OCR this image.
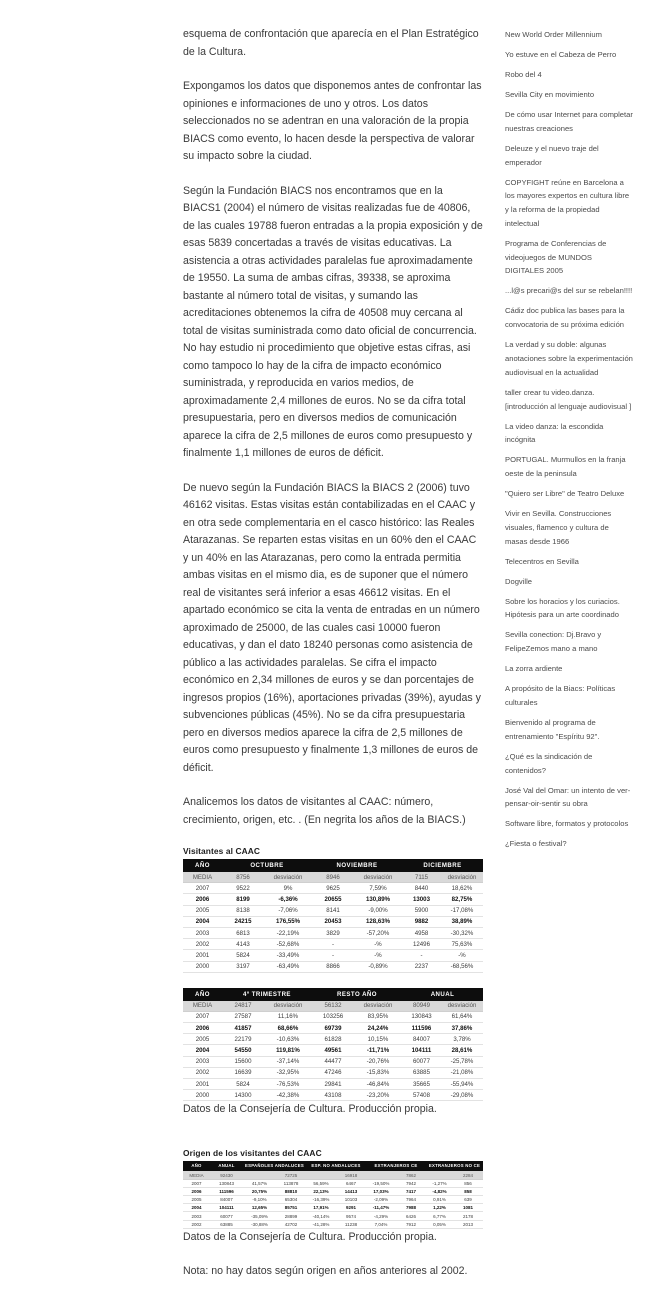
esquema de confrontación que aparecía en el Plan Estratégico de la Cultura.

Expongamos los datos que disponemos antes de confrontar las opiniones e informaciones de uno y otros. Los datos seleccionados no se adentran en una valoración de la propia BIACS como evento, lo hacen desde la perspectiva de valorar su impacto sobre la ciudad.

Según la Fundación BIACS nos encontramos que en la BIACS1 (2004) el número de visitas realizadas fue de 40806, de las cuales 19788 fueron entradas a la propia exposición y de esas 5839 concertadas a través de visitas educativas. La asistencia a otras actividades paralelas fue aproximadamente de 19550. La suma de ambas cifras, 39338, se aproxima bastante al número total de visitas, y sumando las acreditaciones obtenemos la cifra de 40508 muy cercana al total de visitas suministrada como dato oficial de concurrencia. No hay estudio ni procedimiento que objetive estas cifras, asi como tampoco lo hay de la cifra de impacto económico suministrada, y reproducida en varios medios, de aproximadamente 2,4 millones de euros. No se da cifra total presupuestaria, pero en diversos medios de comunicación aparece la cifra de 2,5 millones de euros como presupuesto y finalmente 1,1 millones de euros de déficit.

De nuevo según la Fundación BIACS la BIACS 2 (2006) tuvo 46162 visitas. Estas visitas están contabilizadas en el CAAC y en otra sede complementaria en el casco histórico: las Reales Atarazanas. Se reparten estas visitas en un 60% den el CAAC y un 40% en las Atarazanas, pero como la entrada permitia ambas visitas en el mismo dia, es de suponer que el número real de visitantes será inferior a esas 46612 visitas. En el apartado económico se cita la venta de entradas en un número aproximado de 25000, de las cuales casi 10000 fueron educativas, y dan el dato 18240 personas como asistencia de público a las actividades paralelas. Se cifra el impacto económico en 2,34 millones de euros y se dan porcentajes de ingresos propios (16%), aportaciones privadas (39%), ayudas y subvenciones públicas (45%). No se da cifra presupuestaria pero en diversos medios aparece la cifra de 2,5 millones de euros como presupuesto y finalmente 1,3 millones de euros de déficit.

Analicemos los datos de visitantes al CAAC: número, crecimiento, origen, etc. . (En negrita los años de la BIACS.)

Visitantes al CAAC
AÑO	OCTUBRE		NOVIEMBRE		DICIEMBRE	
MEDIA	8756	desviación	8946	desviación	7115	desviación
2007	9522	9%	9625	7,59%	8440	18,62%
2006	8199	-6,36%	20655	130,89%	13003	82,75%
2005	8138	-7,06%	8141	-9,00%	5900	-17,08%
2004	24215	176,55%	20453	128,63%	9882	38,89%
2003	6813	-22,19%	3829	-57,20%	4958	-30,32%
2002	4143	-52,68%	-	-%	12496	75,63%
2001	5824	-33,49%	-	-%	-	-%
2000	3197	-63,49%	8866	-0,89%	2237	-68,56%
AÑO	4º TRIMESTRE		RESTO AÑO		ANUAL	
MEDIA	24817	desviación	56132	desviación	80949	desviación
2007	27587	11,16%	103256	83,95%	130843	61,64%
2006	41857	68,66%	69739	24,24%	111596	37,86%
2005	22179	-10,63%	61828	10,15%	84007	3,78%
2004	54550	119,81%	49561	-11,71%	104111	28,61%
2003	15600	-37,14%	44477	-20,76%	60077	-25,78%
2002	16639	-32,95%	47246	-15,83%	63885	-21,08%
2001	5824	-76,53%	29841	-46,84%	35665	-55,94%
2000	14300	-42,38%	43108	-23,20%	57408	-29,08%

Datos de la Consejería de Cultura. Producción propia.

Origen de los visitantes del CAAC
AÑO	ANUAL	ESPAÑOLES ANDALUCES		ESP. NO ANDALUCES		EXTRANJEROS CE		EXTRANJEROS NO CE		
MEDIA	92430		72725		16918		7862		2284	
2007	130843	41,57%	113878	56,59%	6467	-19,50%	7942	-1,27%	856	
2006	111596	20,75%	88810	22,13%	14413	17,03%	7417	-4,82%	858	
2005	84007	-9,10%	65304	-16,39%	10103	-2,09%	7964	0,91%	639	
2004	104111	12,65%	85751	17,91%	9291	-11,47%	7988	1,22%	1081	
2003	60077	-35,09%	28899	-40,14%	9574	-4,29%	6426	6,77%	2178	
2002	63885	-30,88%	42702	-41,28%	11238	7,04%	7912	0,05%	2013	

Datos de la Consejería de Cultura. Producción propia.

Nota: no hay datos según origen en años anteriores al 2002.

New World Order Millennium
Yo estuve en el Cabeza de Perro
Robo del 4
Sevilla City en movimiento
De cómo usar Internet para completar nuestras creaciones
Deleuze y el nuevo traje del emperador
COPYFIGHT reúne en Barcelona a los mayores expertos en cultura libre y la reforma de la propiedad intelectual
Programa de Conferencias de videojuegos de MUNDOS DIGITALES 2005
...l@s precari@s del sur se rebelan!!!!
Cádiz doc publica las bases para la convocatoria de su próxima edición
La verdad y su doble: algunas anotaciones sobre la experimentación audiovisual en la actualidad
taller crear tu video.danza. [introducción al lenguaje audiovisual ]
La video danza: la escondida incógnita
PORTUGAL. Murmullos en la franja oeste de la peninsula
"Quiero ser Libre" de Teatro Deluxe
Vivir en Sevilla. Construcciones visuales, flamenco y cultura de masas desde 1966
Telecentros en Sevilla
Dogville
Sobre los horacios y los curiacios. Hipótesis para un arte coordinado
Sevilla conection: Dj.Bravo y FelipeZemos mano a mano
La zorra ardiente
A propósito de la Biacs: Políticas culturales
Bienvenido al programa de entrenamiento "Espíritu 92".
¿Qué es la sindicación de contenidos?
José Val del Omar: un intento de ver-pensar-oir-sentir su obra
Software libre, formatos y protocolos
¿Fiesta o festival?
